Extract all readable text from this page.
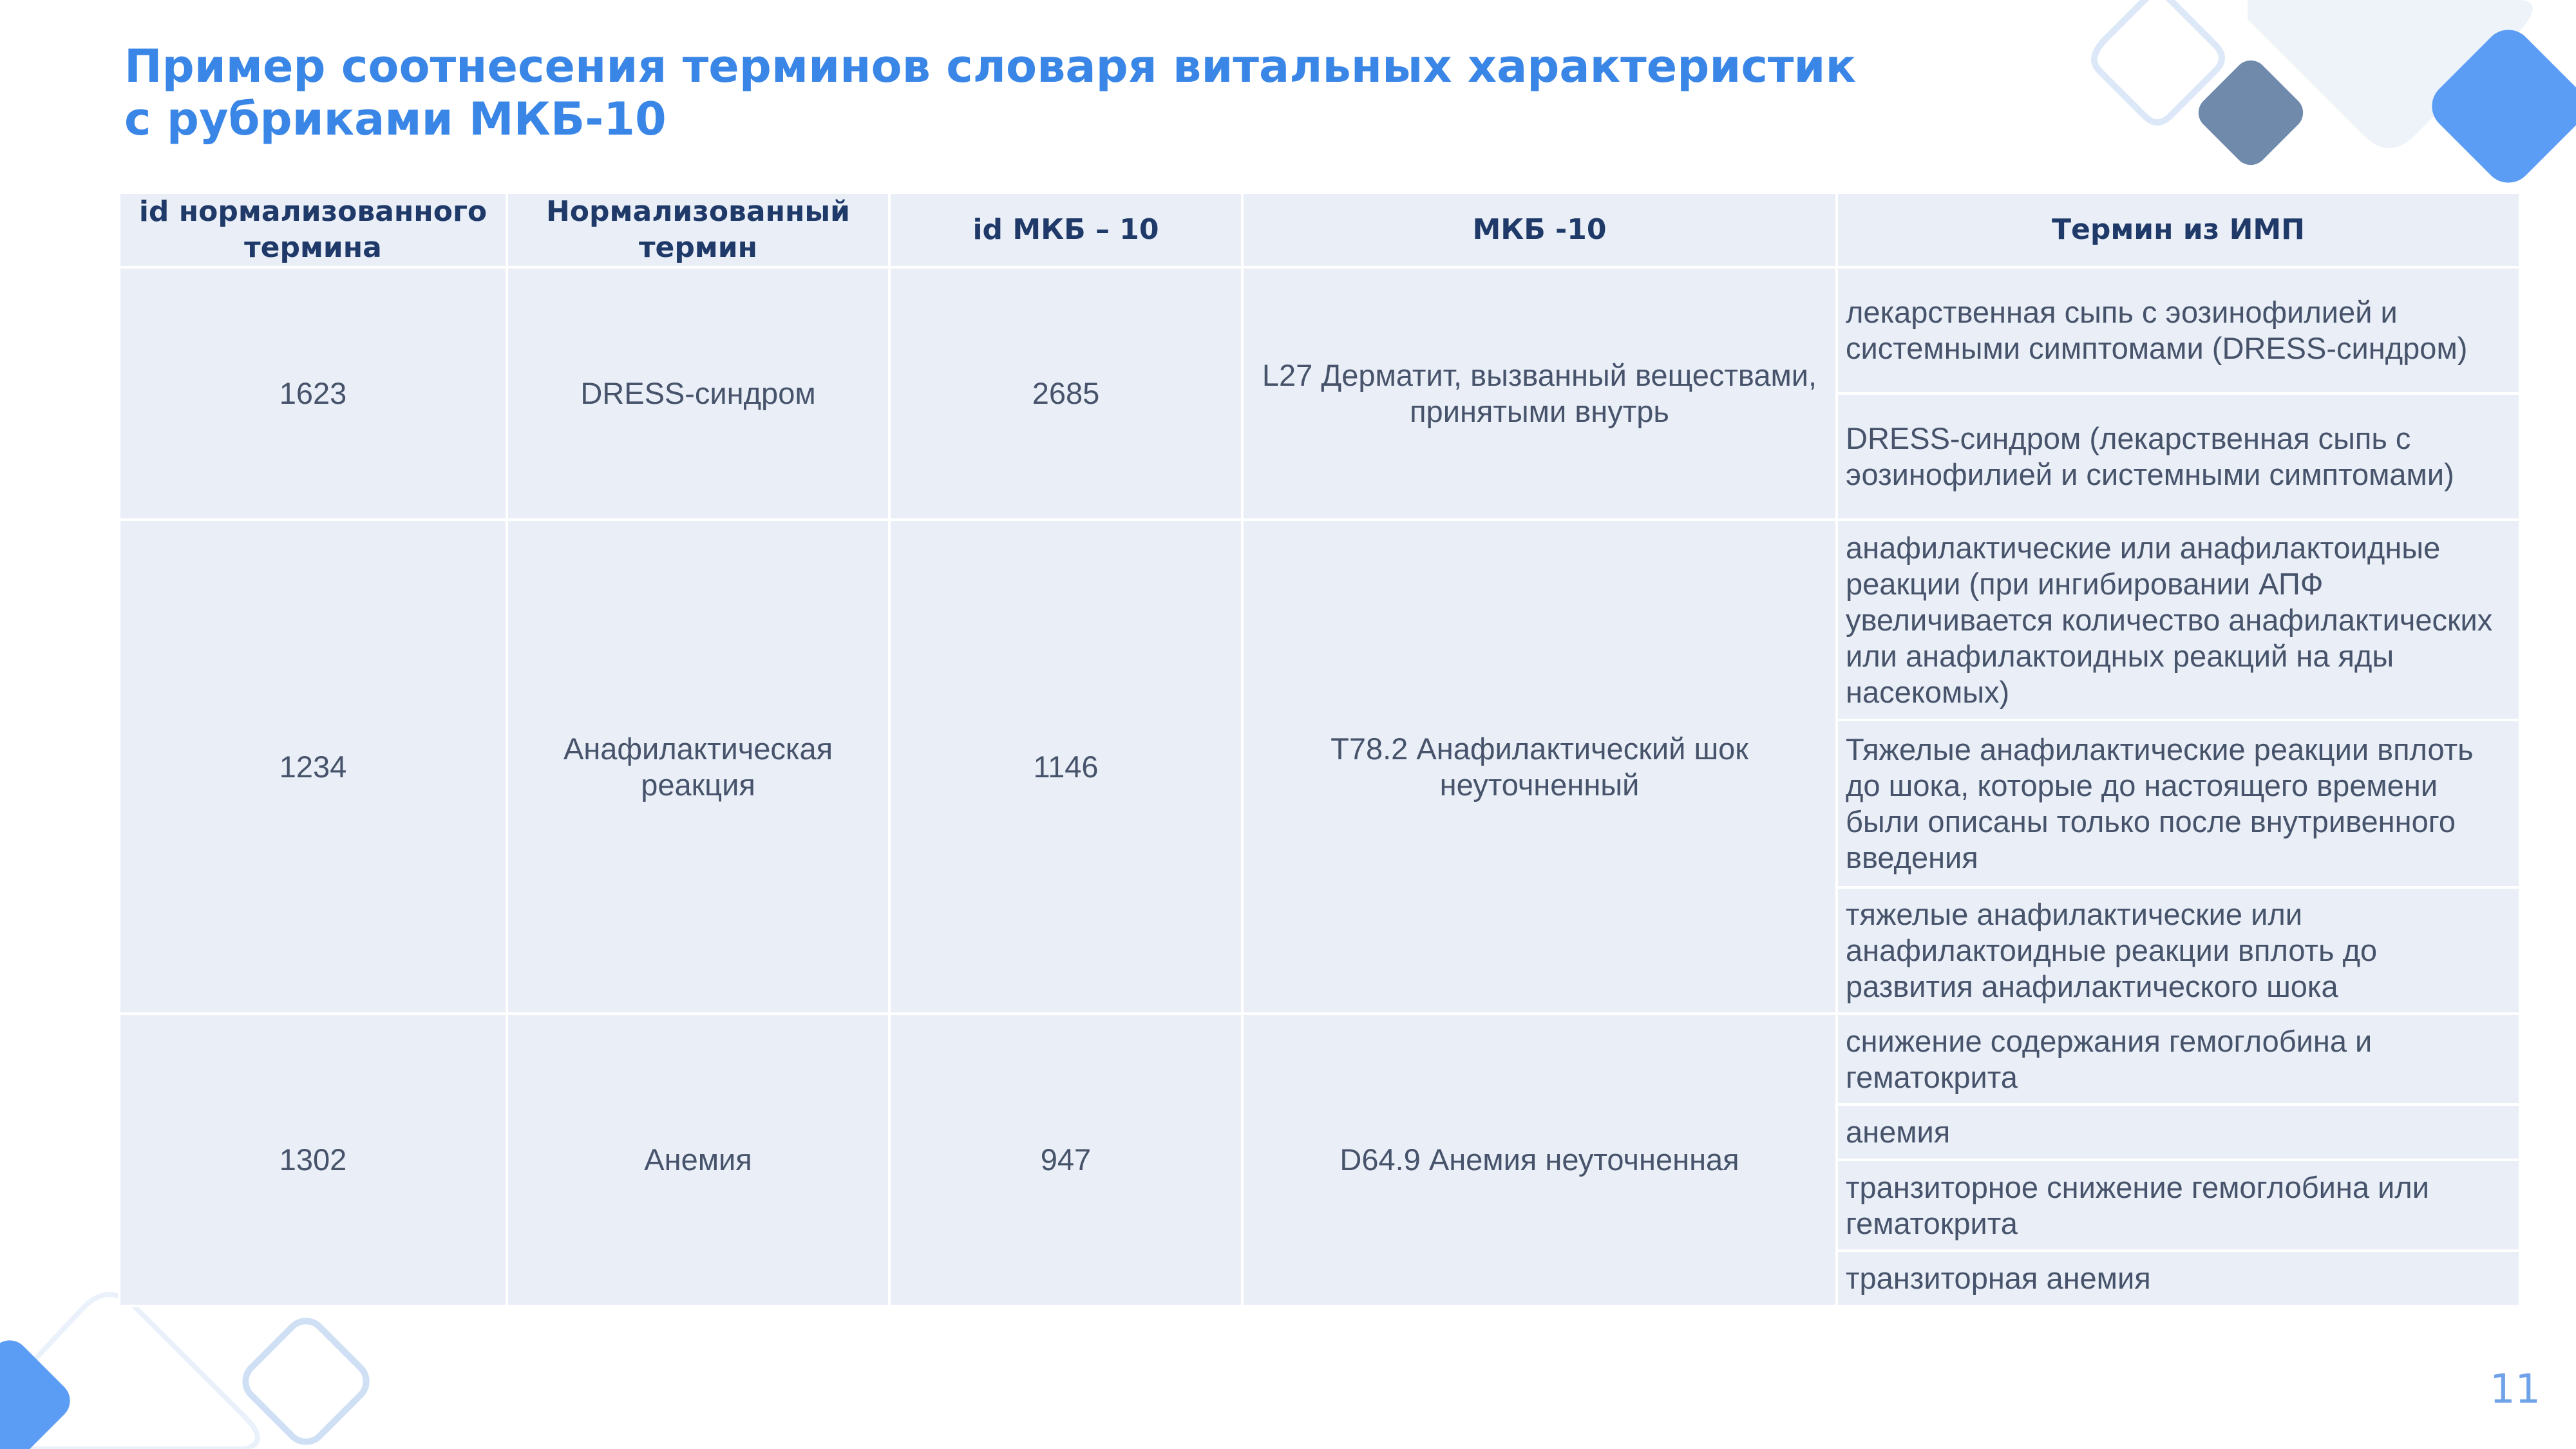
Пример соотнесения терминов словаря витальных характеристик
с рубриками МКБ-10
id нормализованного термина	Нормализованный термин	id МКБ – 10	МКБ -10	Термин из ИМП
1623	DRESS-синдром	2685	L27 Дерматит, вызванный веществами, принятыми внутрь	лекарственная сыпь с эозинофилией и системными симптомами (DRESS-синдром)
				DRESS-синдром (лекарственная сыпь с эозинофилией и системными симптомами)
1234	Анафилактическая реакция	1146	T78.2 Анафилактический шок неуточненный	анафилактические или анафилактоидные реакции (при ингибировании АПФ увеличивается количество анафилактических или анафилактоидных реакций на яды насекомых)
				Тяжелые анафилактические реакции вплоть до шока, которые до настоящего времени были описаны только после внутривенного введения
				тяжелые анафилактические или анафилактоидные реакции вплоть до развития анафилактического шока
1302	Анемия	947	D64.9 Анемия неуточненная	снижение содержания гемоглобина и гематокрита
				анемия
				транзиторное снижение гемоглобина или гематокрита
				транзиторная анемия
11
